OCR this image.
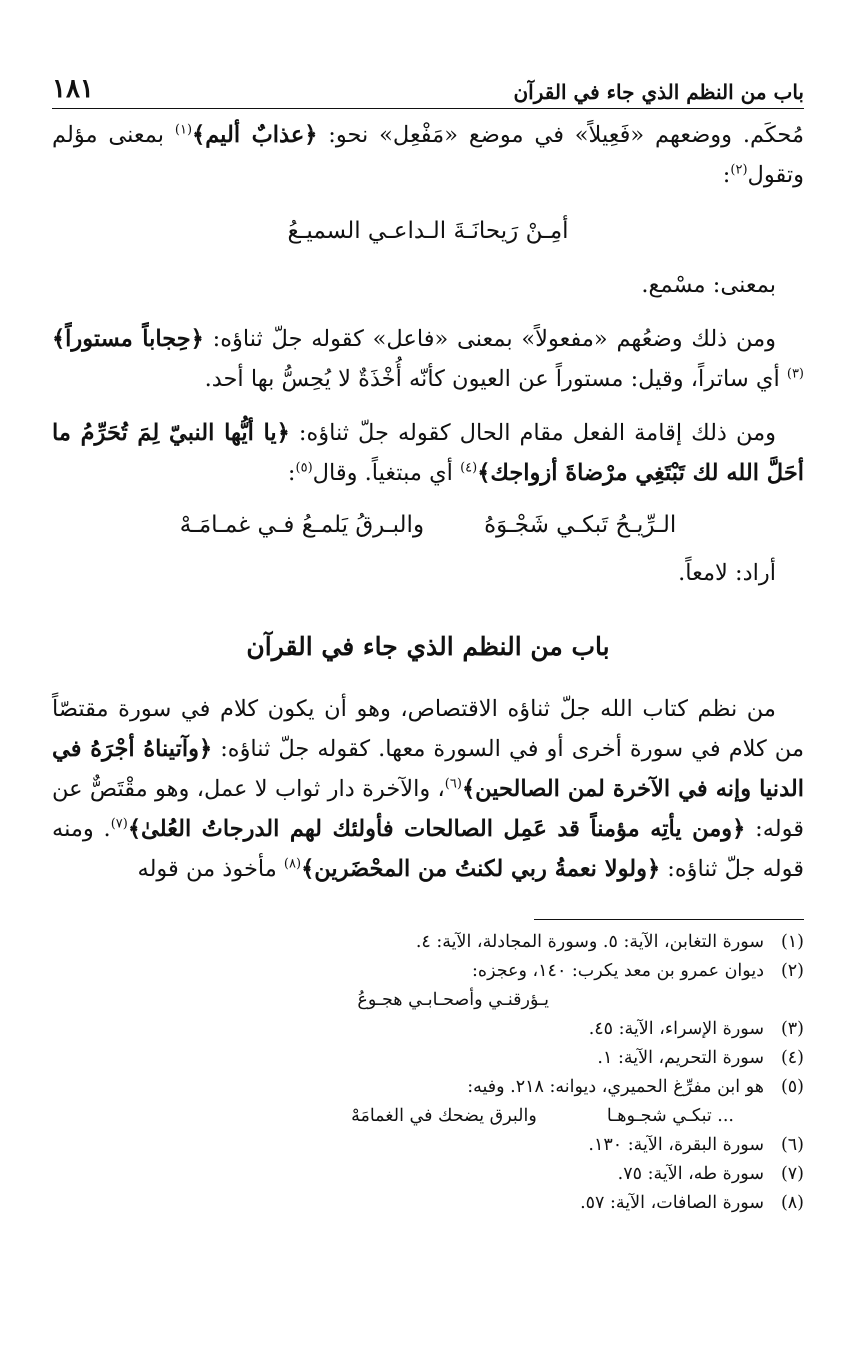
باب من النظم الذي جاء في القرآن
١٨١

مُحكَم. ووضعهم «فَعِيلاً» في موضع «مَفْعِل» نحو: ﴿عذابٌ أليم﴾$^{(١)}$ بمعنى مؤلم وتقول$^{(٢)}$:

أمِـنْ رَيحانَـةَ الـداعـي السميـعُ

بمعنى: مسْمع.

ومن ذلك وضعُهم «مفعولاً» بمعنى «فاعل» كقوله جلّ ثناؤه: ﴿حِجاباً مستوراً﴾$^{(٣)}$ أي ساتراً، وقيل: مستوراً عن العيون كأنّه أُخْذَةٌ لا يُحِسُّ بها أحد.

ومن ذلك إقامة الفعل مقام الحال كقوله جلّ ثناؤه: ﴿يا أيُّها النبيّ لِمَ تُحَرِّمُ ما أحَلَّ الله لك تَبْتَغِي مرْضاةَ أزواجك﴾$^{(٤)}$ أي مبتغياً. وقال$^{(٥)}$:

الـرِّيـحُ تَبكـي شَجْـوَهُ
والبـرقُ يَلمـعُ فـي غمـامَـهْ

أراد: لامعاً.

باب من النظم الذي جاء في القرآن

من نظم كتاب الله جلّ ثناؤه الاقتصاص، وهو أن يكون كلام في سورة مقتصّاً من كلام في سورة أخرى أو في السورة معها. كقوله جلّ ثناؤه: ﴿وآتيناهُ أجْرَهُ في الدنيا وإنه في الآخرة لمن الصالحين﴾$^{(٦)}$، والآخرة دار ثواب لا عمل، وهو مقْتَصٌّ عن قوله: ﴿ومن يأتِه مؤمناً قد عَمِل الصالحات فأولئك لهم الدرجاتُ العُلىٰ﴾$^{(٧)}$. ومنه قوله جلّ ثناؤه: ﴿ولولا نعمةُ ربي لكنتُ من المحْضَرين﴾$^{(٨)}$ مأخوذ من قوله

(١)
سورة التغابن، الآية: ٥. وسورة المجادلة، الآية: ٤.
(٢)
ديوان عمرو بن معد يكرب: ١٤٠، وعجزه:
يـؤرقنـي وأصحـابـي هجـوعُ
(٣)
سورة الإسراء، الآية: ٤٥.
(٤)
سورة التحريم، الآية: ١.
(٥)
هو ابن مفرِّغ الحميري، ديوانه: ٢١٨. وفيه:
... تبكـي شجـوهـا
والبرق يضحك في الغمامَهْ
(٦)
سورة البقرة، الآية: ١٣٠.
(٧)
سورة طه، الآية: ٧٥.
(٨)
سورة الصافات، الآية: ٥٧.
